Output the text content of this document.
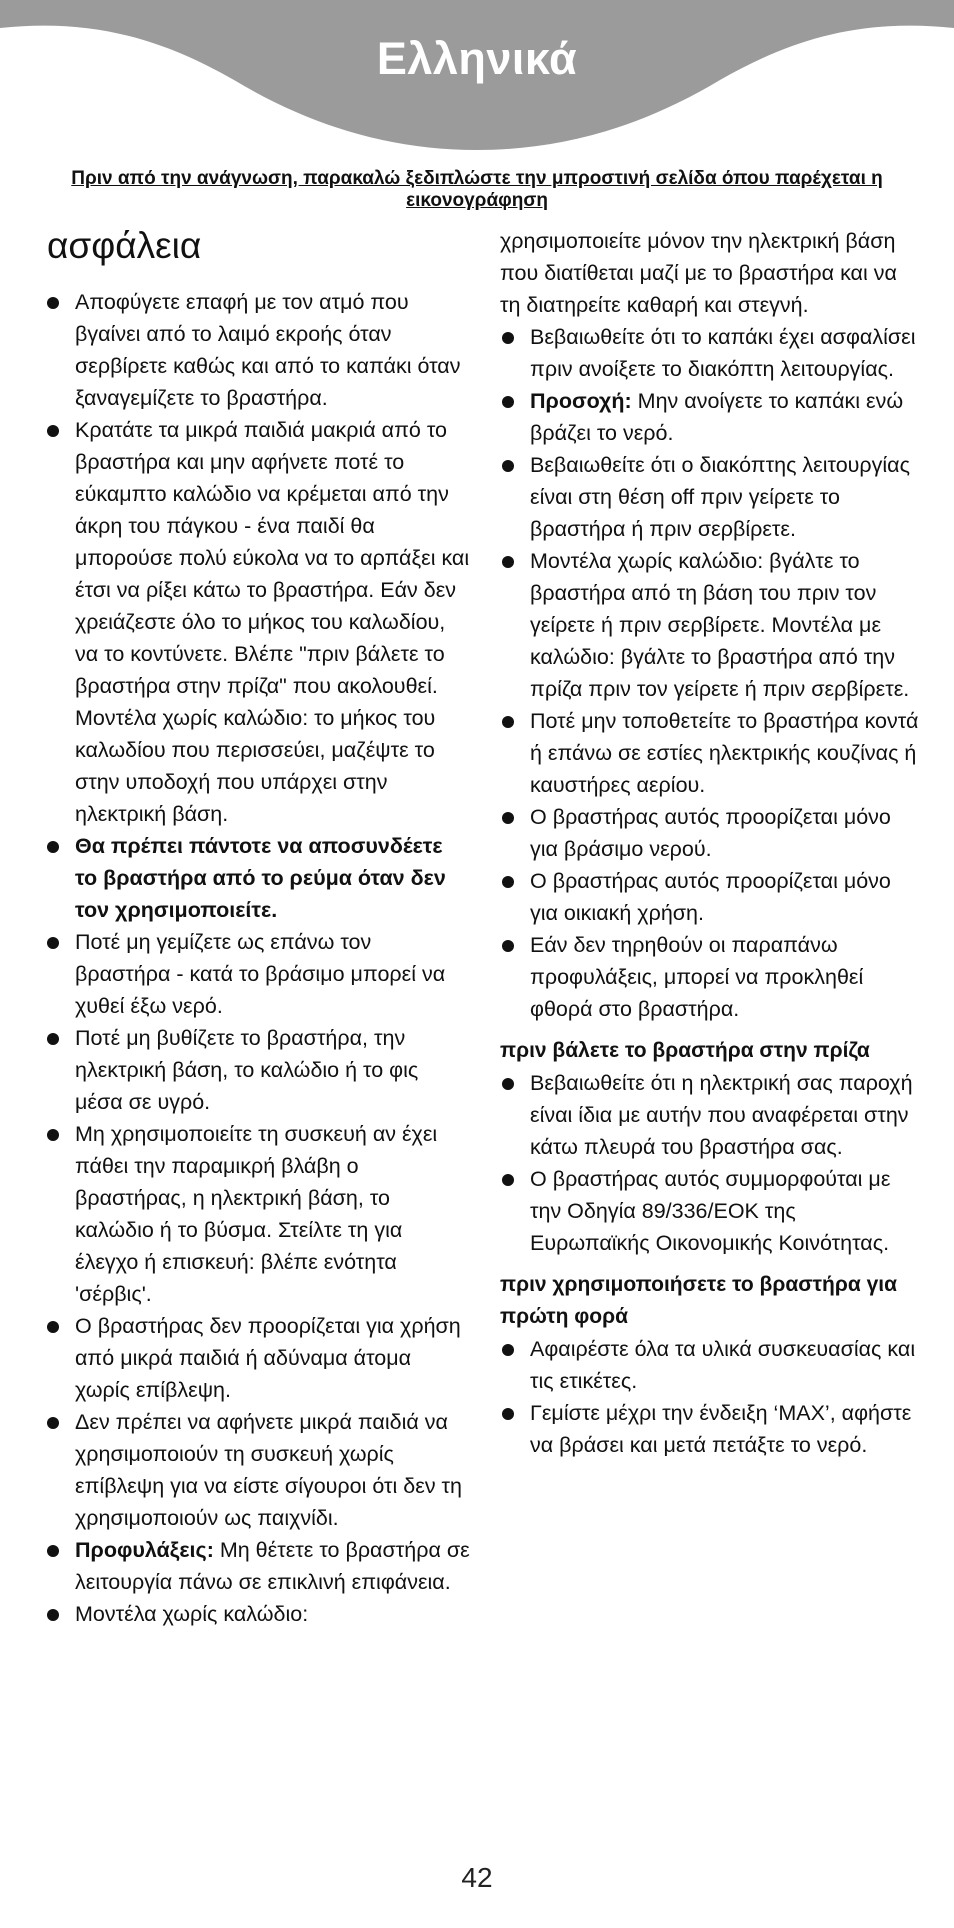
Ελληνικά
Πριν από την ανάγνωση, παρακαλώ ξεδιπλώστε την μπροστινή σελίδα όπου παρέχεται η εικονογράφηση
ασφάλεια

Αποφύγετε επαφή με τον ατμό που βγαίνει από το λαιμό εκροής όταν σερβίρετε καθώς και από το καπάκι όταν ξαναγεμίζετε το βραστήρα.

Κρατάτε τα μικρά παιδιά μακριά από το βραστήρα και μην αφήνετε ποτέ το εύκαμπτο καλώδιο να κρέμεται από την άκρη του πάγκου - ένα παιδί θα μπορούσε πολύ εύκολα να το αρπάξει και έτσι να ρίξει κάτω το βραστήρα. Εάν δεν χρειάζεστε όλο το μήκος του καλωδίου, να το κοντύνετε. Βλέπε "πριν βάλετε το βραστήρα στην πρίζα" που ακολουθεί. Μοντέλα χωρίς καλώδιο: το μήκος του καλωδίου που περισσεύει, μαζέψτε το στην υποδοχή που υπάρχει στην ηλεκτρική βάση.

Θα πρέπει πάντοτε να αποσυνδέετε το βραστήρα από το ρεύμα όταν δεν τον χρησιμοποιείτε.

Ποτέ μη γεμίζετε ως επάνω τον βραστήρα - κατά το βράσιμο μπορεί να χυθεί έξω νερό.

Ποτέ μη βυθίζετε το βραστήρα, την ηλεκτρική βάση, το καλώδιο ή το φις μέσα σε υγρό.

Μη χρησιμοποιείτε τη συσκευή αν έχει πάθει την παραμικρή βλάβη ο βραστήρας, η ηλεκτρική βάση, το καλώδιο ή το βύσμα. Στείλτε τη για έλεγχο ή επισκευή: βλέπε ενότητα 'σέρβις'.

Ο βραστήρας δεν προορίζεται για χρήση από μικρά παιδιά ή αδύναμα άτομα χωρίς επίβλεψη.

Δεν πρέπει να αφήνετε μικρά παιδιά να χρησιμοποιούν τη συσκευή χωρίς επίβλεψη για να είστε σίγουροι ότι δεν τη χρησιμοποιούν ως παιχνίδι.

Προφυλάξεις: Μη θέτετε το βραστήρα σε λειτουργία πάνω σε επικλινή επιφάνεια.

Μοντέλα χωρίς καλώδιο:

χρησιμοποιείτε μόνον την ηλεκτρική βάση που διατίθεται μαζί με το βραστήρα και να τη διατηρείτε καθαρή και στεγνή.

Βεβαιωθείτε ότι το καπάκι έχει ασφαλίσει πριν ανοίξετε το διακόπτη λειτουργίας.

Προσοχή: Μην ανοίγετε το καπάκι ενώ βράζει το νερό.

Βεβαιωθείτε ότι ο διακόπτης λειτουργίας είναι στη θέση off πριν γείρετε το βραστήρα ή πριν σερβίρετε.

Μοντέλα χωρίς καλώδιο: βγάλτε το βραστήρα από τη βάση του πριν τον γείρετε ή πριν σερβίρετε. Μοντέλα με καλώδιο: βγάλτε το βραστήρα από την πρίζα πριν τον γείρετε ή πριν σερβίρετε.

Ποτέ μην τοποθετείτε το βραστήρα κοντά ή επάνω σε εστίες ηλεκτρικής κουζίνας ή καυστήρες αερίου.

Ο βραστήρας αυτός προορίζεται μόνο για βράσιμο νερού.

Ο βραστήρας αυτός προορίζεται μόνο για οικιακή χρήση.

Εάν δεν τηρηθούν οι παραπάνω προφυλάξεις, μπορεί να προκληθεί φθορά στο βραστήρα.

πριν βάλετε το βραστήρα στην πρίζα

Βεβαιωθείτε ότι η ηλεκτρική σας παροχή είναι ίδια με αυτήν που αναφέρεται στην κάτω πλευρά του βραστήρα σας.

Ο βραστήρας αυτός συμμορφούται με την Οδηγία 89/336/ΕΟΚ της Ευρωπαϊκής Οικονομικής Κοινότητας.

πριν χρησιμοποιήσετε το βραστήρα για πρώτη φορά

Αφαιρέστε όλα τα υλικά συσκευασίας και τις ετικέτες.

Γεμίστε μέχρι την ένδειξη ‘MAX’, αφήστε να βράσει και μετά πετάξτε το νερό.

42
